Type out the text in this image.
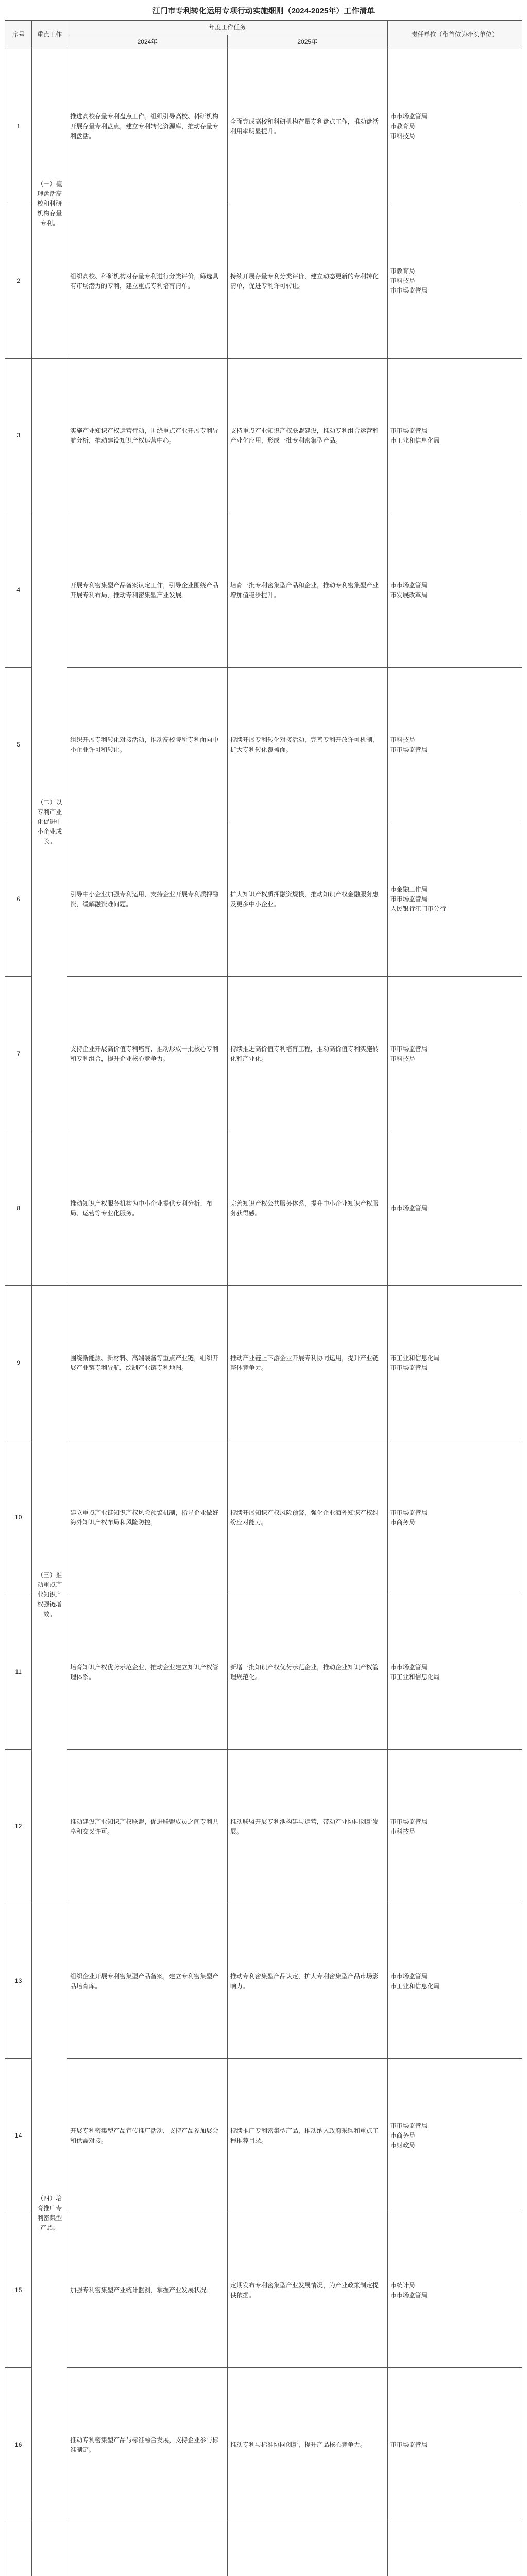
江门市专利转化运用专项行动实施细则（2024-2025年）工作清单
序号	重点工作	年度工作任务		责任单位（带首位为牵头单位）
		2024年	2025年	
1	（一）梳理盘活高校和科研机构存量专利。	推进高校存量专利盘点工作。组织引导高校、科研机构开展存量专利盘点，建立专利转化资源库，推动存量专利盘活。	全面完成高校和科研机构存量专利盘点工作，推动盘活利用率明显提升。	市市场监管局
市教育局
市科技局
2		组织高校、科研机构对存量专利进行分类评价，筛选具有市场潜力的专利，建立重点专利培育清单。	持续开展存量专利分类评价，建立动态更新的专利转化清单，促进专利许可转让。	市教育局
市科技局
市市场监管局
3	（二）以专利产业化促进中小企业成长。	实施产业知识产权运营行动，围绕重点产业开展专利导航分析，推动建设知识产权运营中心。	支持重点产业知识产权联盟建设，推动专利组合运营和产业化应用，形成一批专利密集型产品。	市市场监管局
市工业和信息化局
4		开展专利密集型产品备案认定工作，引导企业围绕产品开展专利布局，推动专利密集型产业发展。	培育一批专利密集型产品和企业，推动专利密集型产业增加值稳步提升。	市市场监管局
市发展改革局
5		组织开展专利转化对接活动，推动高校院所专利面向中小企业许可和转让。	持续开展专利转化对接活动，完善专利开放许可机制，扩大专利转化覆盖面。	市科技局
市市场监管局
6		引导中小企业加强专利运用，支持企业开展专利质押融资，缓解融资难问题。	扩大知识产权质押融资规模，推动知识产权金融服务惠及更多中小企业。	市金融工作局
市市场监管局
人民银行江门市分行
7		支持企业开展高价值专利培育，推动形成一批核心专利和专利组合，提升企业核心竞争力。	持续推进高价值专利培育工程，推动高价值专利实施转化和产业化。	市市场监管局
市科技局
8		推动知识产权服务机构为中小企业提供专利分析、布局、运营等专业化服务。	完善知识产权公共服务体系，提升中小企业知识产权服务获得感。	市市场监管局
9	（三）推动重点产业知识产权强链增效。	围绕新能源、新材料、高端装备等重点产业链，组织开展产业链专利导航，绘制产业链专利地图。	推动产业链上下游企业开展专利协同运用，提升产业链整体竞争力。	市工业和信息化局
市市场监管局
10		建立重点产业链知识产权风险预警机制，指导企业做好海外知识产权布局和风险防控。	持续开展知识产权风险预警，强化企业海外知识产权纠纷应对能力。	市市场监管局
市商务局
11		培育知识产权优势示范企业，推动企业建立知识产权管理体系。	新增一批知识产权优势示范企业，推动企业知识产权管理规范化。	市市场监管局
市工业和信息化局
12		推动建设产业知识产权联盟，促进联盟成员之间专利共享和交叉许可。	推动联盟开展专利池构建与运营，带动产业协同创新发展。	市市场监管局
市科技局
13	（四）培育推广专利密集型产品。	组织企业开展专利密集型产品备案，建立专利密集型产品培育库。	推动专利密集型产品认定，扩大专利密集型产品市场影响力。	市市场监管局
市工业和信息化局
14		开展专利密集型产品宣传推广活动，支持产品参加展会和供需对接。	持续推广专利密集型产品，推动纳入政府采购和重点工程推荐目录。	市市场监管局
市商务局
市财政局
15		加强专利密集型产业统计监测，掌握产业发展状况。	定期发布专利密集型产业发展情况，为产业政策制定提供依据。	市统计局
市市场监管局
16		推动专利密集型产品与标准融合发展，支持企业参与标准制定。	推动专利与标准协同创新，提升产品核心竞争力。	市市场监管局
